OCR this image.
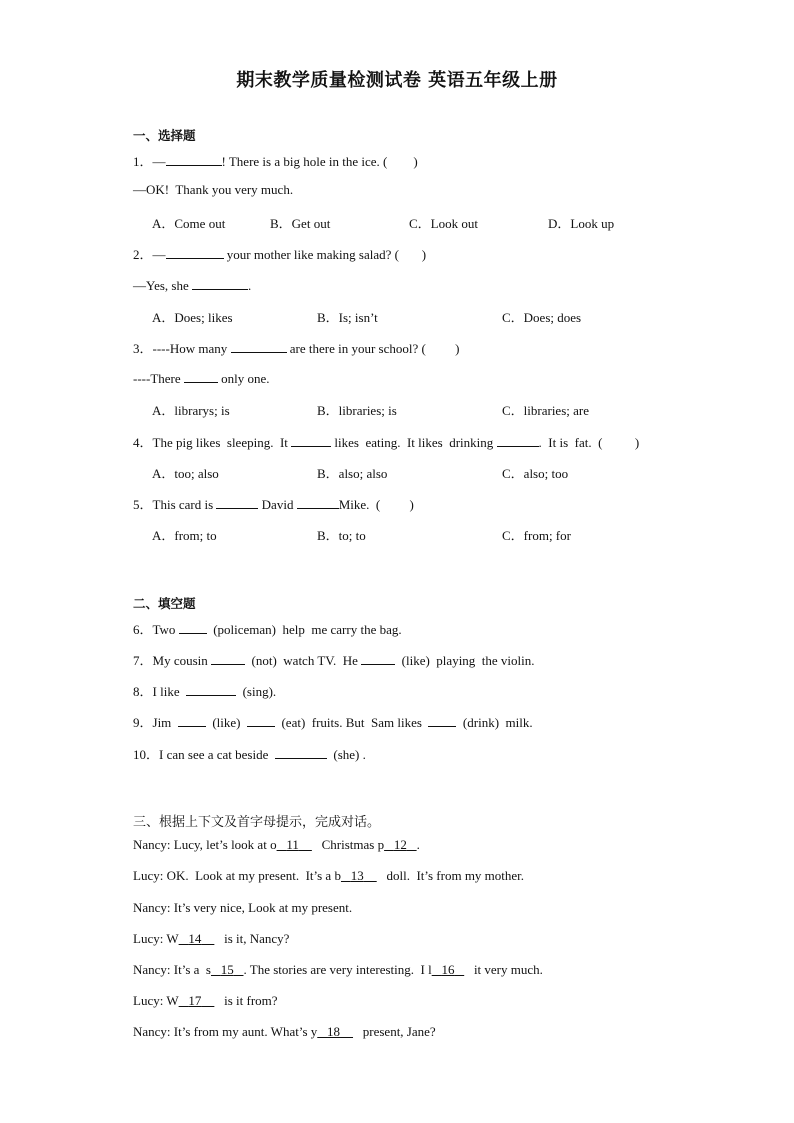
期末教学质量检测试卷 英语五年级上册
一、选择题
1．—	! There is a big hole in the ice. (        )
—OK!  Thank you very much.
A．Come out	B．Get out	C．Look out	D．Look up
2．—	your mother like making salad? (       )
—Yes, she	.
A．Does; likes	B．Is; isn’t	C．Does; does
3．----How many	are there in your school? (         )
----There	only one.
A．librarys; is	B．libraries; is	C．libraries; are
4．The pig likes  sleeping.  It	likes  eating.  It likes  drinking	.  It is  fat.  (          )
A．too; also	B．also; also	C．also; too
5．This card is	David	Mike.  (         )
A．from; to	B．to; to	C．from; for
二、填空题
6．Two   (policeman)  help  me carry the bag.
7．My cousin	(not)  watch TV.  He	(like)  playing  the violin.
8．I like	(sing).
9．Jim    (like)    (eat)  fruits. But  Sam likes    (drink)  milk.
10．I can see a cat beside	(she) .
三、根据上下文及首字母提示，完成对话。
Nancy: Lucy, let’s look at o 11       Christmas p 12 .
Lucy: OK.  Look at my present.  It’s a b 13       doll.  It’s from my mother.
Nancy: It’s very nice, Look at my present.
Lucy: W 14       is it, Nancy?
Nancy: It’s a  s 15 . The stories are very interesting.  I l 16      it very much.
Lucy: W 17       is it from?
Nancy: It’s from my aunt. What’s y 18       present, Jane?
